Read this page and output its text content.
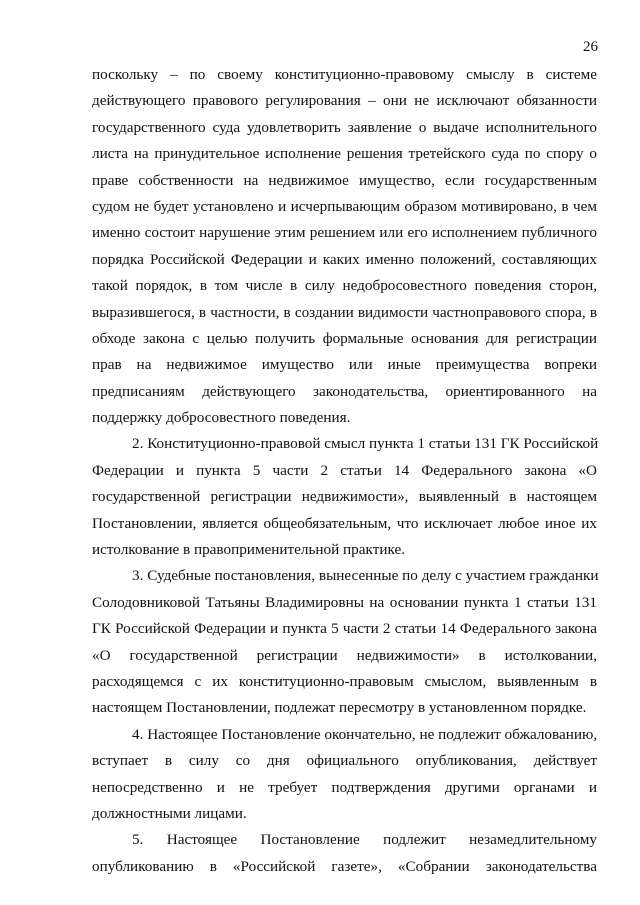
26
поскольку – по своему конституционно-правовому смыслу в системе
действующего правового регулирования – они не исключают обязанности
государственного суда удовлетворить заявление о выдаче исполнительного
листа на принудительное исполнение решения третейского суда по спору о
праве собственности на недвижимое имущество, если государственным
судом не будет установлено и исчерпывающим образом мотивировано, в чем
именно состоит нарушение этим решением или его исполнением публичного
порядка Российской Федерации и каких именно положений, составляющих
такой порядок, в том числе в силу недобросовестного поведения сторон,
выразившегося, в частности, в создании видимости частноправового спора, в
обходе закона с целью получить формальные основания для регистрации
прав на недвижимое имущество или иные преимущества вопреки
предписаниям действующего законодательства, ориентированного на
поддержку добросовестного поведения.
2. Конституционно-правовой смысл пункта 1 статьи 131 ГК Российской
Федерации и пункта 5 части 2 статьи 14 Федерального закона «О
государственной регистрации недвижимости», выявленный в настоящем
Постановлении, является общеобязательным, что исключает любое иное их
истолкование в правоприменительной практике.
3. Судебные постановления, вынесенные по делу с участием гражданки
Солодовниковой Татьяны Владимировны на основании пункта 1 статьи 131
ГК Российской Федерации и пункта 5 части 2 статьи 14 Федерального закона
«О государственной регистрации недвижимости» в истолковании,
расходящемся с их конституционно-правовым смыслом, выявленным в
настоящем Постановлении, подлежат пересмотру в установленном порядке.
4. Настоящее Постановление окончательно, не подлежит обжалованию,
вступает в силу со дня официального опубликования, действует
непосредственно и не требует подтверждения другими органами и
должностными лицами.
5. Настоящее Постановление подлежит незамедлительному
опубликованию в «Российской газете», «Собрании законодательства
